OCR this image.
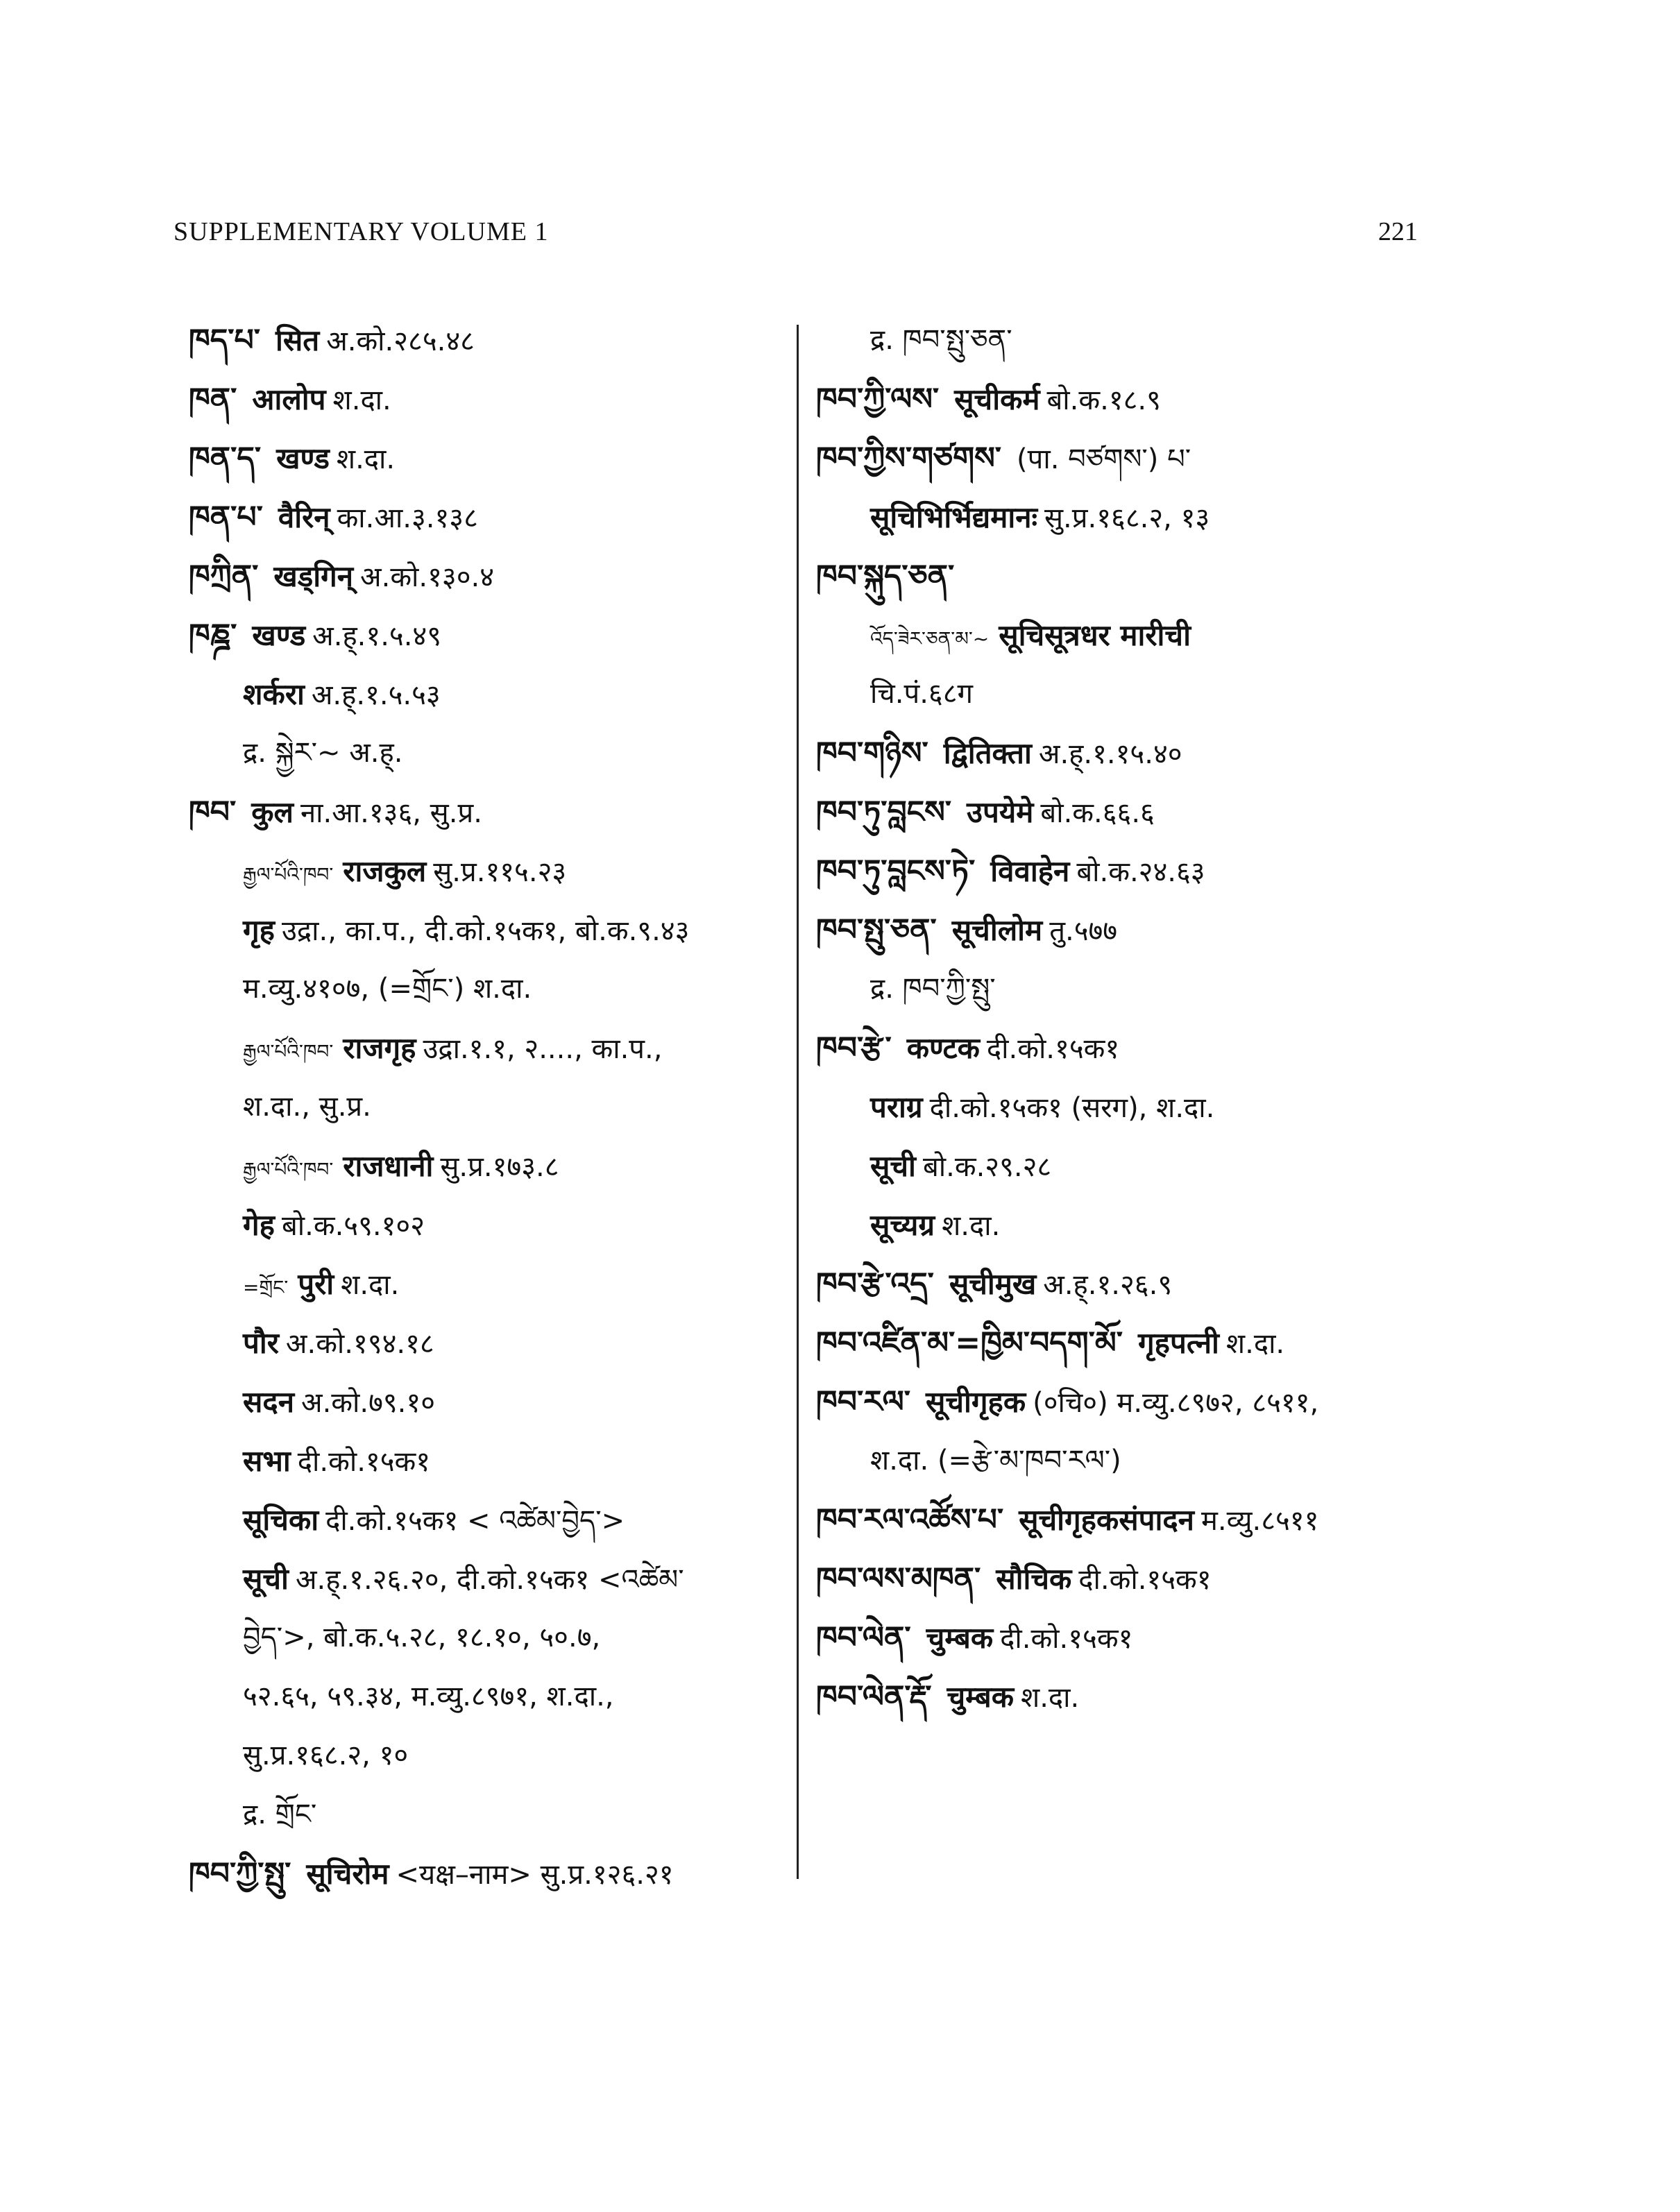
SUPPLEMENTARY VOLUME 1	221
ཁད་པ་ सित अ.को.२८५.४८
ཁན་ आलोप श.दा.
ཁན་ད་ खण्ड श.दा.
ཁན་པ་ वैरिन् का.आ.३.१३८
ཁཀྲིན་ खड्गिन् अ.को.१३०.४
ཁཎྜ་ खण्ड अ.ह्.१.५.४९
शर्करा अ.ह्.१.५.५३
द्र. སྐྱེར་~ अ.ह्.
ཁབ་ कुल ना.आ.१३६, सु.प्र.
རྒྱལ་པོའི་ཁབ་ राजकुल सु.प्र.११५.२३
गृह उद्रा., का.प., दी.को.१५क१, बो.क.९.४३
म.व्यु.४१०७, (=གྲོང་) श.दा.
རྒྱལ་པོའི་ཁབ་ राजगृह उद्रा.१.१, २...., का.प.,
श.दा., सु.प्र.
རྒྱལ་པོའི་ཁབ་ राजधानी सु.प्र.१७३.८
गेह बो.क.५९.१०२
=གྲོང་ पुरी श.दा.
पौर अ.को.१९४.१८
सदन अ.को.७९.१०
सभा दी.को.१५क१
सूचिका दी.को.१५क१ < འཚེམ་བྱེད་>
सूची अ.ह्.१.२६.२०, दी.को.१५क१ <འཚེམ་
བྱེད་>, बो.क.५.२८, १८.१०, ५०.७,
५२.६५, ५९.३४, म.व्यु.८९७१, श.दा.,
सु.प्र.१६८.२, १०
द्र. གྲོང་
ཁབ་ཀྱི་སྤུ་ सूचिरोम <यक्ष–नाम> सु.प्र.१२६.२१
द्र. ཁབ་སྤུ་ཅན་
ཁབ་ཀྱི་ལས་ सूचीकर्म बो.क.१८.९
ཁབ་ཀྱིས་གཙགས་ (पा. བཙགས་) པ་
सूचिभिर्भिद्यमानः सु.प्र.१६८.२, १३
ཁབ་སྐུད་ཅན་
འོད་ཟེར་ཅན་མ་~ सूचिसूत्रधर मारीची
चि.पं.६८ग
ཁབ་གཉིས་ द्वितिक्ता अ.ह्.१.१५.४०
ཁབ་ཏུ་བླངས་ उपयेमे बो.क.६६.६
ཁབ་ཏུ་བླངས་ཏེ་ विवाहेन बो.क.२४.६३
ཁབ་སྤུ་ཅན་ सूचीलोम तु.५७७
द्र. ཁབ་ཀྱི་སྤུ་
ཁབ་རྩེ་ कण्टक दी.को.१५क१
पराग्र दी.को.१५क१ (सरग), श.दा.
सूची बो.क.२९.२८
सूच्यग्र श.दा.
ཁབ་རྩེ་འདྲ་ सूचीमुख अ.ह्.१.२६.९
ཁབ་འཛིན་མ་=ཁྱིམ་བདག་མོ་ गृहपत्नी श.दा.
ཁབ་རལ་ सूचीगृहक (०चि०) म.व्यु.८९७२, ८५११,
श.दा. (=རྩེ་མ་ཁབ་རལ་)
ཁབ་རལ་འཚོས་པ་ सूचीगृहकसंपादन म.व्यु.८५११
ཁབ་ལས་མཁན་ सौचिक दी.को.१५क१
ཁབ་ལེན་ चुम्बक दी.को.१५क१
ཁབ་ལེན་རྡོ་ चुम्बक श.दा.
